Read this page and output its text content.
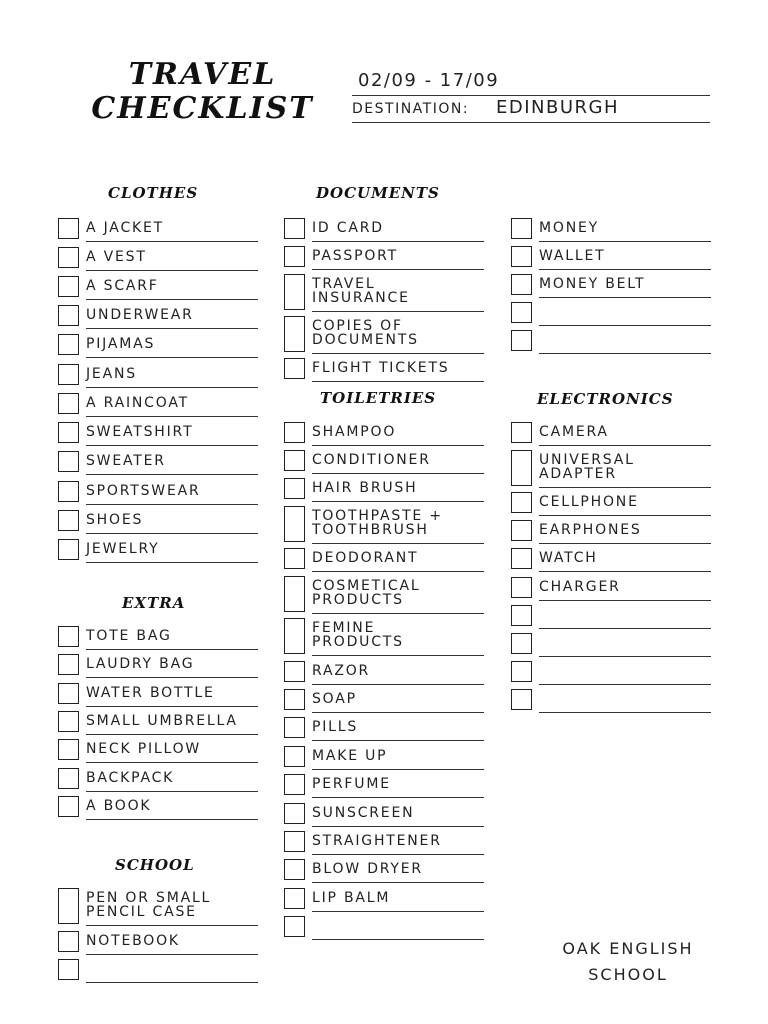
TRAVEL
CHECKLIST
02/09 - 17/09
DESTINATION: EDINBURGH
CLOTHES	DOCUMENTS
EXTRA
SCHOOL
TOILETRIES	ELECTRONICS
A JACKET
A VEST
A SCARF
UNDERWEAR
PIJAMAS
JEANS
A RAINCOAT
SWEATSHIRT
SWEATER
SPORTSWEAR
SHOES
JEWELRY
TOTE BAG
LAUDRY BAG
WATER BOTTLE
SMALL UMBRELLA
NECK PILLOW
BACKPACK
A BOOK
PEN OR SMALL
PENCIL CASE
NOTEBOOK
ID CARD
PASSPORT
TRAVEL
INSURANCE
COPIES OF
DOCUMENTS
FLIGHT TICKETS
MONEY
WALLET
MONEY BELT
SHAMPOO
CONDITIONER
HAIR BRUSH
TOOTHPASTE +
TOOTHBRUSH
DEODORANT
COSMETICAL
PRODUCTS
FEMINE
PRODUCTS
RAZOR
SOAP
PILLS
MAKE UP
PERFUME
SUNSCREEN
STRAIGHTENER
BLOW DRYER
LIP BALM
CAMERA
UNIVERSAL
ADAPTER
CELLPHONE
EARPHONES
WATCH
CHARGER
OAK ENGLISH
SCHOOL
